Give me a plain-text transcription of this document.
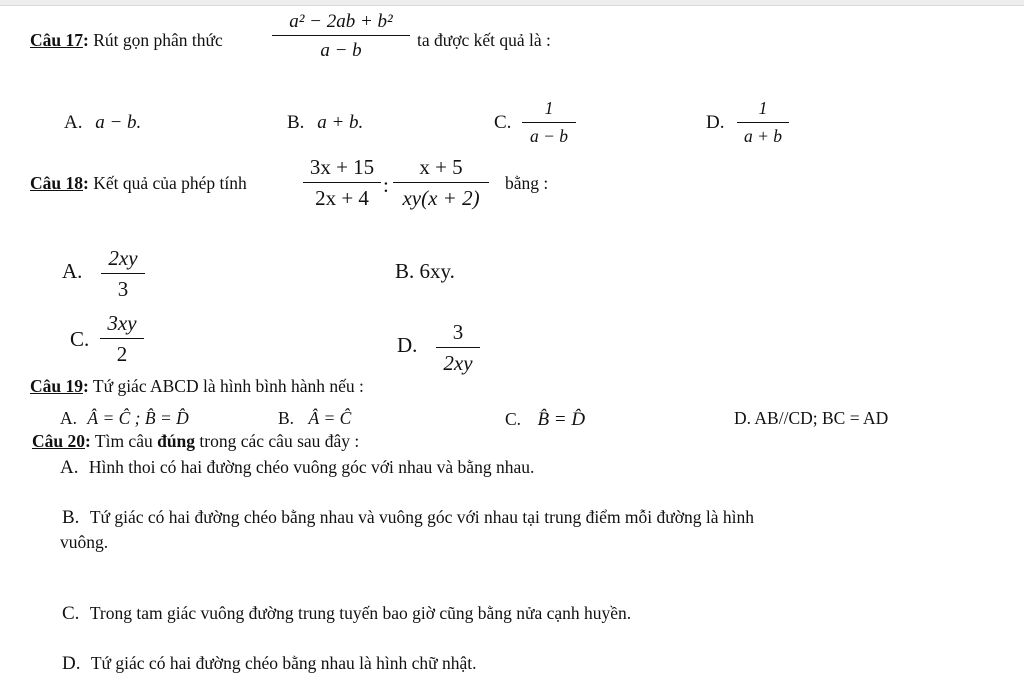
Câu 17: Rút gọn phân thức
a² − 2ab + b²
a − b	ta được kết quả là :
A. a − b.	B. a + b.	C.
1
a − b
D.
1
a + b
Câu 18: Kết quả của phép tính
3x + 15
2x + 4
:
x + 5
xy(x + 2)
bằng :
A.
2xy
3
B. 6xy.
C.
3xy
2	D.
3
2xy
Câu 19: Tứ giác ABCD là hình bình hành nếu :
A. Â = Ĉ ; B̂ = D̂	B. Â = Ĉ	C. B̂ = D̂	D. AB//CD; BC = AD
Câu 20: Tìm câu đúng trong các câu sau đây :
A. Hình thoi có hai đường chéo vuông góc với nhau và bằng nhau.
B. Tứ giác có hai đường chéo bằng nhau và vuông góc với nhau tại trung điểm mỗi đường là hình
vuông.
C. Trong tam giác vuông đường trung tuyến bao giờ cũng bằng nửa cạnh huyền.
D. Tứ giác có hai đường chéo bằng nhau là hình chữ nhật.
